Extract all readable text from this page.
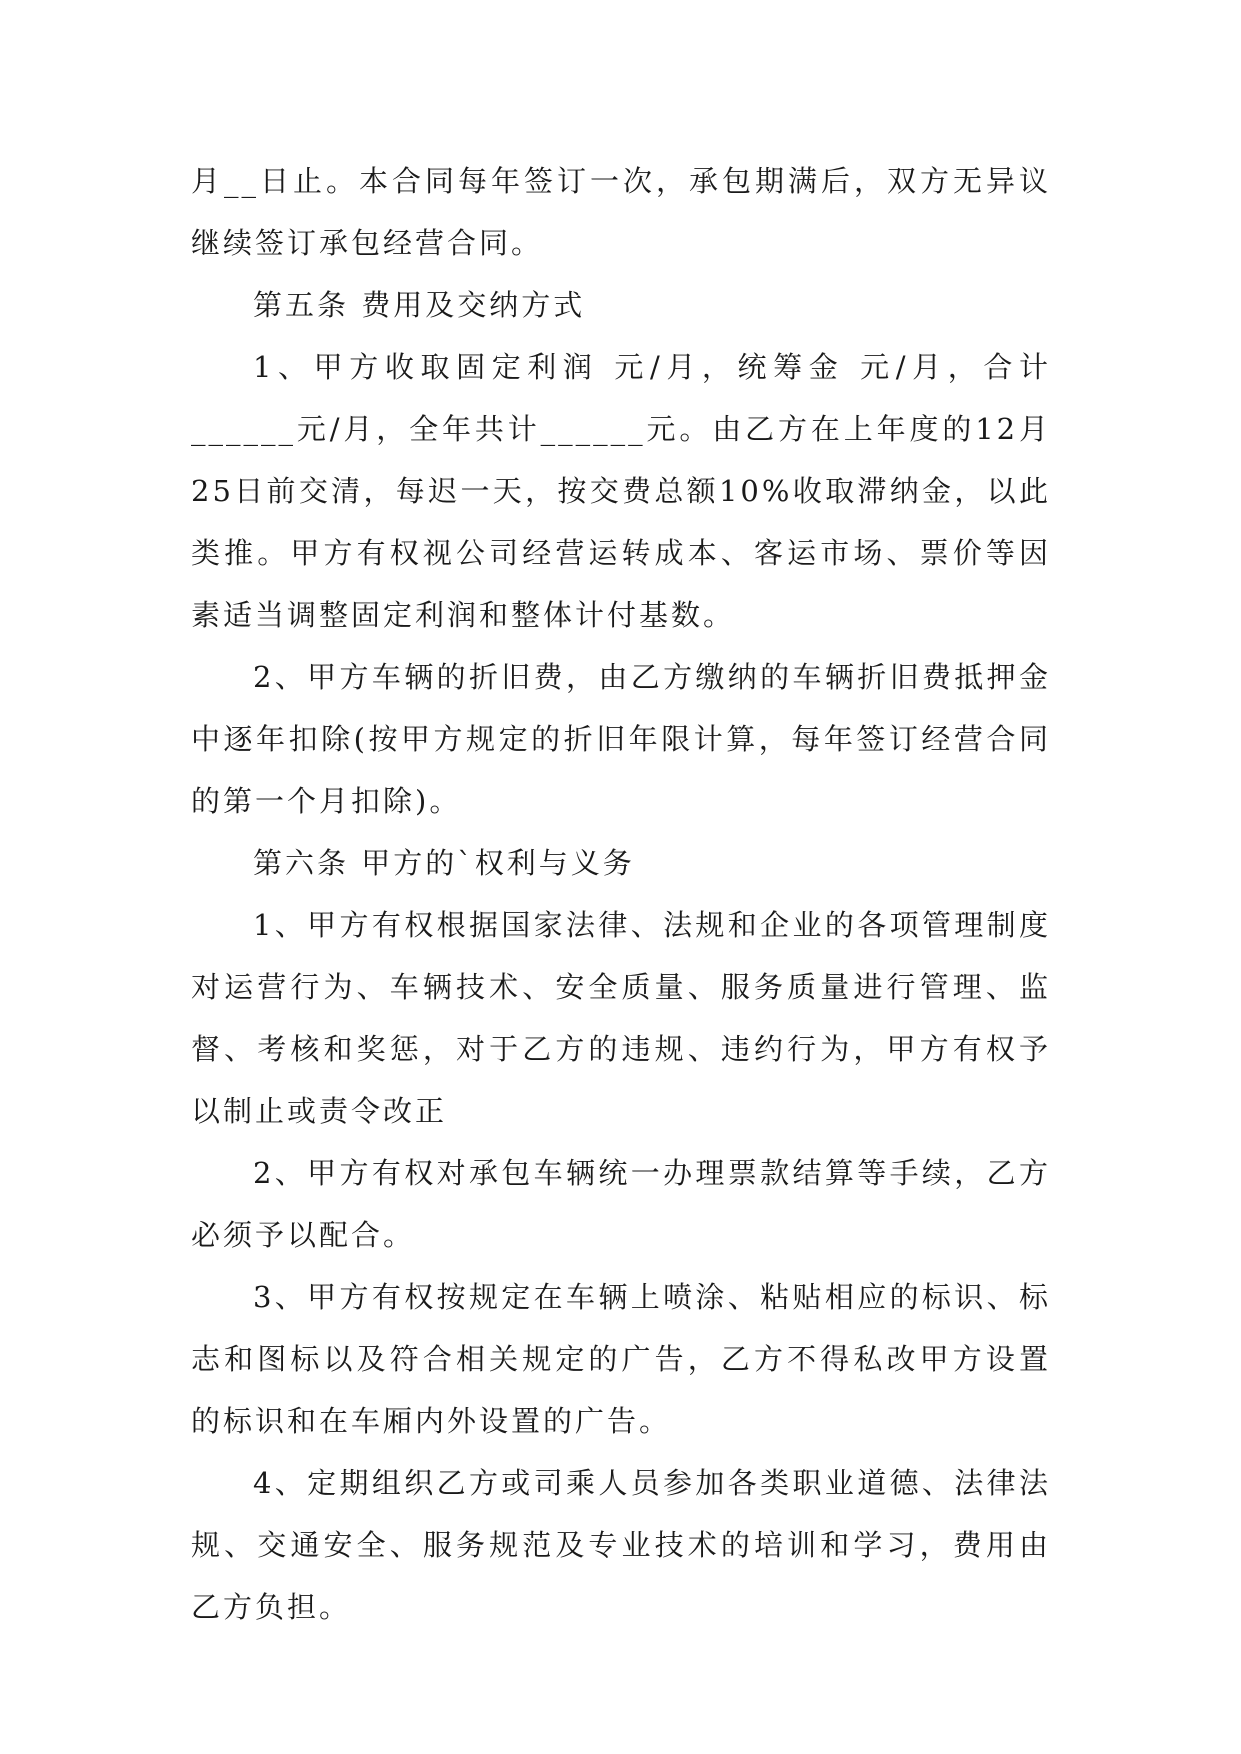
月__日止。本合同每年签订一次，承包期满后，双方无异议继续签订承包经营合同。

第五条 费用及交纳方式

1、甲方收取固定利润 元/月，统筹金 元/月，合计______元/月，全年共计______元。由乙方在上年度的12月25日前交清，每迟一天，按交费总额10%收取滞纳金，以此类推。甲方有权视公司经营运转成本、客运市场、票价等因素适当调整固定利润和整体计付基数。

2、甲方车辆的折旧费，由乙方缴纳的车辆折旧费抵押金中逐年扣除(按甲方规定的折旧年限计算，每年签订经营合同的第一个月扣除)。

第六条 甲方的`权利与义务

1、甲方有权根据国家法律、法规和企业的各项管理制度对运营行为、车辆技术、安全质量、服务质量进行管理、监督、考核和奖惩，对于乙方的违规、违约行为，甲方有权予以制止或责令改正

2、甲方有权对承包车辆统一办理票款结算等手续，乙方必须予以配合。

3、甲方有权按规定在车辆上喷涂、粘贴相应的标识、标志和图标以及符合相关规定的广告，乙方不得私改甲方设置的标识和在车厢内外设置的广告。

4、定期组织乙方或司乘人员参加各类职业道德、法律法规、交通安全、服务规范及专业技术的培训和学习，费用由乙方负担。
